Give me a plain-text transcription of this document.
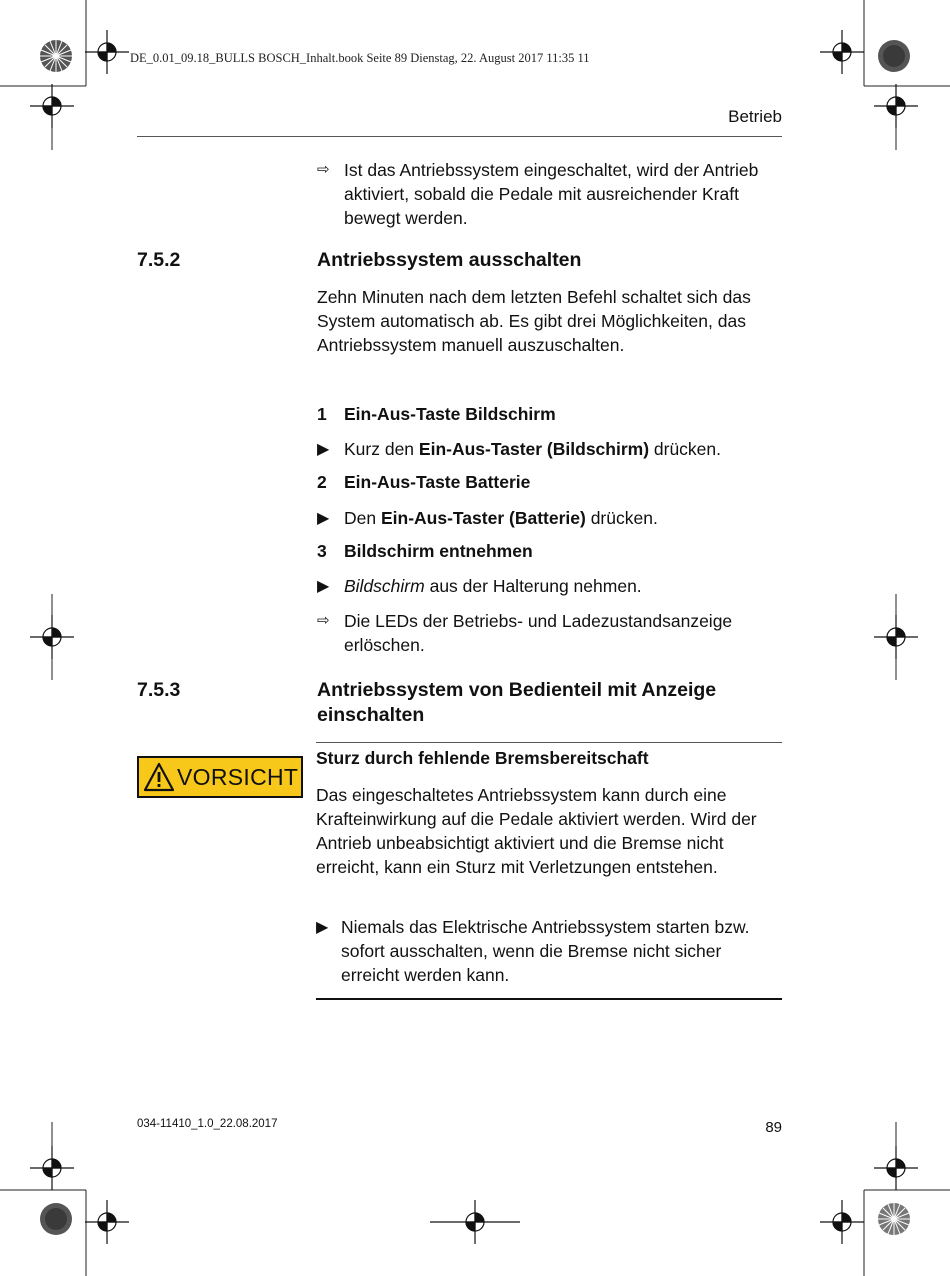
DE_0.01_09.18_BULLS BOSCH_Inhalt.book Seite 89 Dienstag, 22. August 2017 11:35 11
Betrieb
⇨ Ist das Antriebssystem eingeschaltet, wird der Antrieb aktiviert, sobald die Pedale mit ausreichender Kraft bewegt werden.
7.5.2	Antriebssystem ausschalten
Zehn Minuten nach dem letzten Befehl schaltet sich das System automatisch ab. Es gibt drei Möglichkeiten, das Antriebssystem manuell auszuschalten.
1 Ein-Aus-Taste Bildschirm
▶ Kurz den Ein-Aus-Taster (Bildschirm) drücken.
2 Ein-Aus-Taste Batterie
▶ Den Ein-Aus-Taster (Batterie) drücken.
3 Bildschirm entnehmen
▶ Bildschirm aus der Halterung nehmen.
⇨ Die LEDs der Betriebs- und Ladezustandsanzeige erlöschen.
7.5.3	Antriebssystem von Bedienteil mit Anzeige einschalten
VORSICHT
Sturz durch fehlende Bremsbereitschaft
Das eingeschaltetes Antriebssystem kann durch eine Krafteinwirkung auf die Pedale aktiviert werden. Wird der Antrieb unbeabsichtigt aktiviert und die Bremse nicht erreicht, kann ein Sturz mit Verletzungen entstehen.
▶ Niemals das Elektrische Antriebssystem starten bzw. sofort ausschalten, wenn die Bremse nicht sicher erreicht werden kann.
034-11410_1.0_22.08.2017	89
